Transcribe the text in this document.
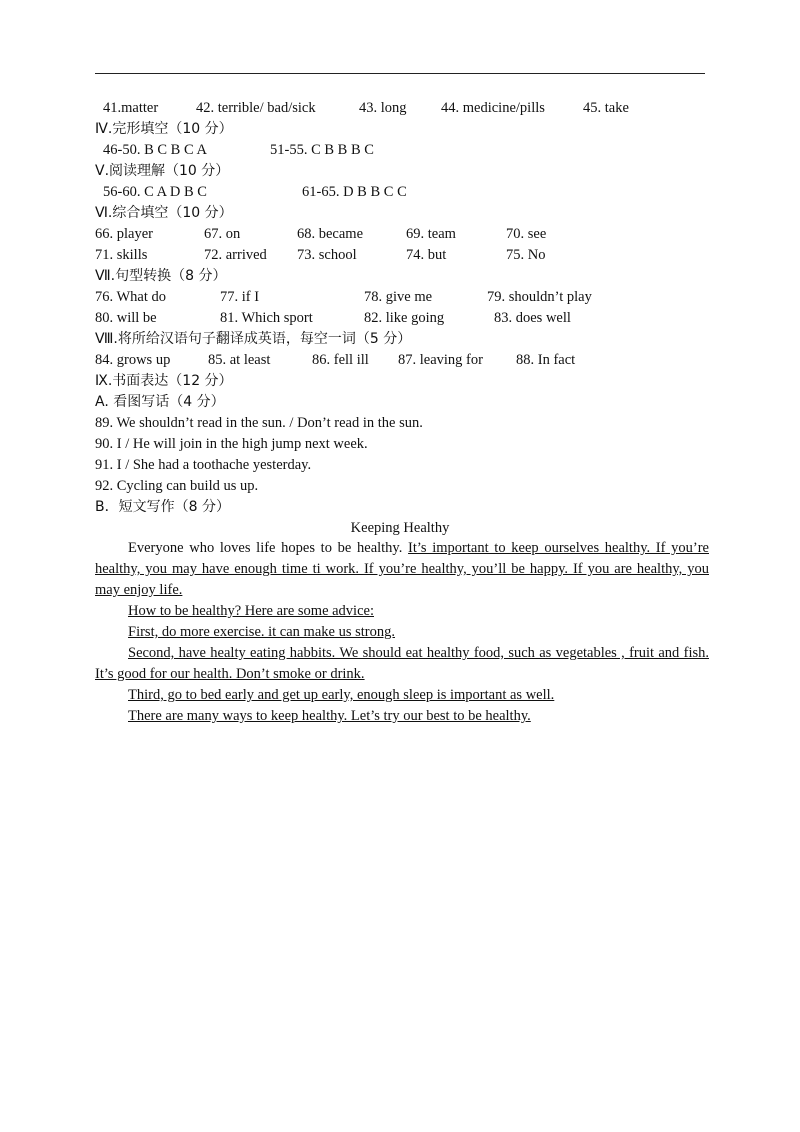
41.matter	42. terrible/ bad/sick	43. long 44. medicine/pills	45. take
Ⅳ.完形填空（10 分）
46-50. B C B C A	51-55. C B B B C
Ⅴ.阅读理解（10 分）
56-60. C A D B C	61-65. D B B C C
Ⅵ.综合填空（10 分）
66. player	67. on	68. became	69. team	70. see
71. skills	72. arrived 73. school	74. but	75. No
Ⅶ.句型转换（8 分）
76. What do	77. if I	78. give me	79. shouldn’t play
80. will be	81. Which sport	82. like going	83. does well
Ⅷ.将所给汉语句子翻译成英语，每空一词（5 分）
84. grows up	85. at least	86. fell ill 87. leaving for 88. In fact
Ⅸ.书面表达（12 分）
A. 看图写话（4 分）
89. We shouldn’t read in the sun. / Don’t read in the sun.
90. I / He will join in the high jump next week.
91. I / She had a toothache yesterday.
92. Cycling can build us up.
B．短文写作（8 分）
Keeping Healthy
Everyone who loves life hopes to be healthy. It’s important to keep ourselves healthy. If you’re healthy, you may have enough time ti work. If you’re healthy, you’ll be happy. If you are healthy, you may enjoy life.
How to be healthy? Here are some advice:
First, do more exercise. it can make us strong.
Second, have healty eating habbits. We should eat healthy food, such as vegetables , fruit and fish. It’s good for our health. Don’t smoke or drink.
Third, go to bed early and get up early, enough sleep is important as well.
There are many ways to keep healthy. Let’s try our best to be healthy.
